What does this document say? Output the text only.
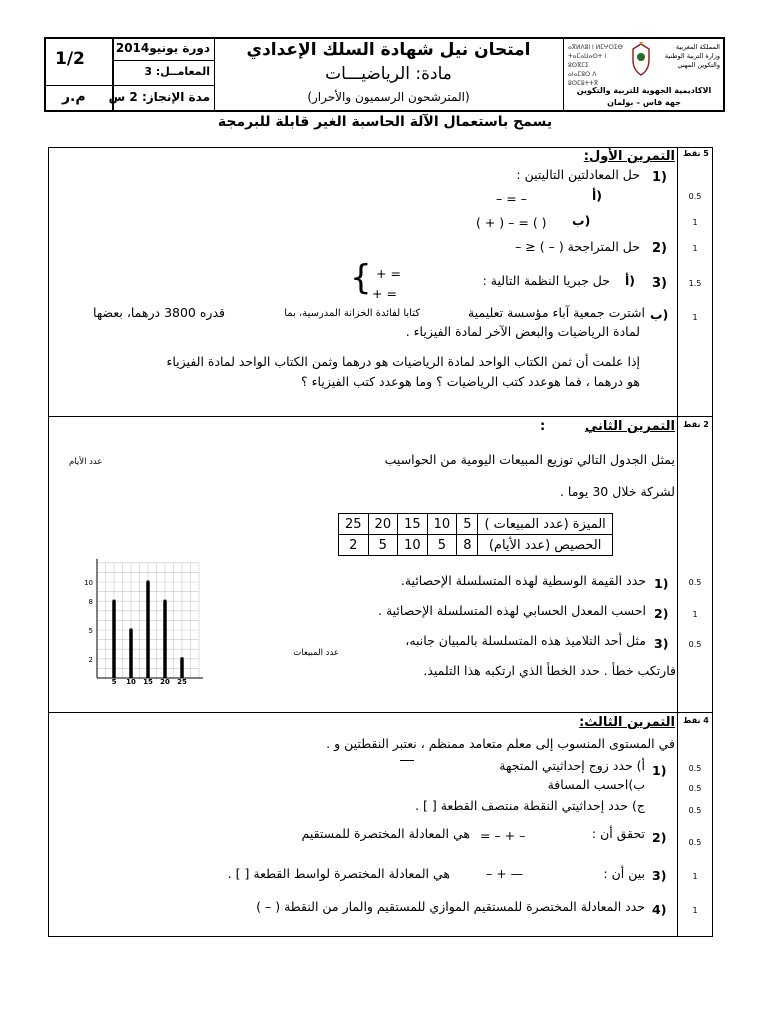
1/2
م.ر
دورة يونيو2014
المعامــل: 3
مدة الإنجاز: 2 س
امتحان نيل شهادة السلك الإعدادي
مادة: الرياضيـــات
(المترشحون الرسميون والأحرار)
المملكة المغربية
وزارة التربية الوطنية
والتكوين المهني
ⴰⴳⵍⴷⵓⵏ ⵏ ⵍⵎⵖⵔⵉⴱ
ⵜⴰⵎⴰⵡⴰⵙⵜ ⵏ ⵓⵙⴳⵎⵉ
ⴰⵏⴰⵎⵓⵔ ⴷ ⵓⵙⵎⵓⵜⵜⴳ
الاكاديمية الجهوية للتربية والتكوين
جهة فاس – بولمان
يسمح باستعمال الآلة الحاسبة الغير قابلة للبرمجة
5 نقط
التمرين الأول:
1)
حل المعادلتين التاليتين :
أ)
– = –
ب)
( + ) – = ( )
2)
حل المتراجحة ( – ) ≤ –
3)
أ)
حل جبريا النظمة التالية :
{ + =
+ =
ب)
اشترت جمعية آباء مؤسسة تعليمية
كتابا لفائدة الخزانة المدرسية، بما
قدره 3800 درهما، بعضها
لمادة الرياضيات والبعض الآخر لمادة الفيزياء .
إذا علمت أن ثمن الكتاب الواحد لمادة الرياضيات هو درهما وثمن الكتاب الواحد لمادة الفيزياء
هو درهما ، فما هوعدد كتب الرياضيات ؟ وما هوعدد كتب الفيزياء ؟
0.5
1
1
1.5
1
2 نقط
التمرين الثاني
:
يمثل الجدول التالي توزيع المبيعات اليومية من الحواسيب
لشركة خلال 30 يوما .
الميزة (عدد المبيعات )	5	10	15	20	25
الحصيص (عدد الأيام)	8	5	10	5	2
1)
حدد القيمة الوسطية لهذه المتسلسلة الإحصائية.
2)
احسب المعدل الحسابي لهذه المتسلسلة الإحصائية .
3)
مثل أحد التلاميذ هذه المتسلسلة بالمبيان جانبه،
فارتكب خطأ . حدد الخطأ الذي ارتكبه هذا التلميذ.
0.5
1
0.5
5 10 15 20 25
2
5
8
10
عدد الأيام
عدد المبيعات
4 نقط
التمرين الثالث:
في المستوى المنسوب إلى معلم متعامد ممنظم ، نعتبر النقطتين و .
1)
أ) حدد زوج إحداثيتي المتجهة
ب)احسب المسافة
ج) حدد إحداثيتي النقطة منتصف القطعة [ ] .
2)
تحقق أن :
= – + –
هي المعادلة المختصرة للمستقيم
3)
بين أن :
– + —
هي المعادلة المختصرة لواسط القطعة [ ] .
4)
حدد المعادلة المختصرة للمستقيم الموازي للمستقيم والمار من النقطة ( – )
0.5
0.5
0.5
0.5
1
1
